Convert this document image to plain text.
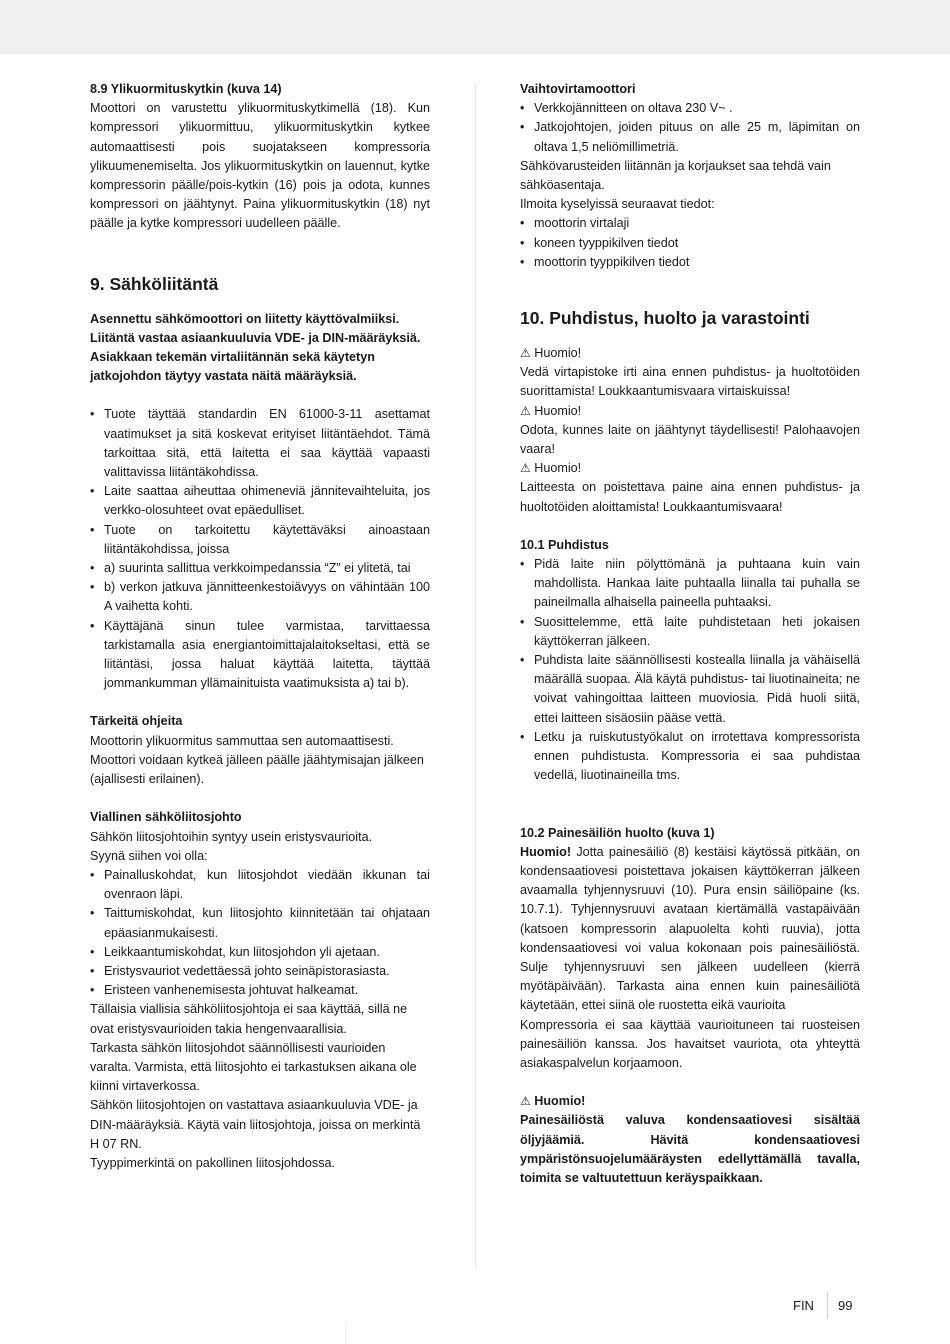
8.9 Ylikuormituskytkin (kuva 14)

Moottori on varustettu ylikuormituskytkimellä (18). Kun kompressori ylikuormittuu, ylikuormituskytkin kytkee automaattisesti pois suojatakseen kompressoria ylikuumenemiselta. Jos ylikuormituskytkin on lauennut, kytke kompressorin päälle/pois-kytkin (16) pois ja odota, kunnes kompressori on jäähtynyt. Paina ylikuormituskytkin (18) nyt päälle ja kytke kompressori uudelleen päälle.

9. Sähköliitäntä

Asennettu sähkömoottori on liitetty käyttövalmiiksi. Liitäntä vastaa asiaankuuluvia VDE- ja DIN-määräyksiä. Asiakkaan tekemän virtaliitännän sekä käytetyn jatkojohdon täytyy vastata näitä määräyksiä.

• Tuote täyttää standardin EN 61000-3-11 asettamat vaatimukset ja sitä koskevat erityiset liitäntäehdot. Tämä tarkoittaa sitä, että laitetta ei saa käyttää vapaasti valittavissa liitäntäkohdissa.
• Laite saattaa aiheuttaa ohimeneviä jännitevaihteluita, jos verkko-olosuhteet ovat epäedulliset.
• Tuote on tarkoitettu käytettäväksi ainoastaan liitäntäkohdissa, joissa
• a) suurinta sallittua verkkoimpedanssia “Z” ei ylitetä, tai
• b) verkon jatkuva jännitteenkestoiävyys on vähintään 100 A vaihetta kohti.
• Käyttäjänä sinun tulee varmistaa, tarvittaessa tarkistamalla asia energiantoimittajalaitokseltasi, että se liitäntäsi, jossa haluat käyttää laitetta, täyttää jommankumman yllämainituista vaatimuksista a) tai b).

Tärkeitä ohjeita

Moottorin ylikuormitus sammuttaa sen automaattisesti. Moottori voidaan kytkeä jälleen päälle jäähtymisajan jälkeen (ajallisesti erilainen).

Viallinen sähköliitosjohto

Sähkön liitosjohtoihin syntyy usein eristysvaurioita.

Syynä siihen voi olla:

• Painalluskohdat, kun liitosjohdot viedään ikkunan tai ovenraon läpi.
• Taittumiskohdat, kun liitosjohto kiinnitetään tai ohjataan epäasianmukaisesti.
• Leikkaantumiskohdat, kun liitosjohdon yli ajetaan.
• Eristysvauriot vedettäessä johto seinäpistorasiasta.
• Eristeen vanhenemisesta johtuvat halkeamat.

Tällaisia viallisia sähköliitosjohtoja ei saa käyttää, sillä ne ovat eristysvaurioiden takia hengenvaarallisia.

Tarkasta sähkön liitosjohdot säännöllisesti vaurioiden varalta. Varmista, että liitosjohto ei tarkastuksen aikana ole kiinni virtaverkossa.

Sähkön liitosjohtojen on vastattava asiaankuuluvia VDE- ja DIN-määräyksiä. Käytä vain liitosjohtoja, joissa on merkintä H 07 RN.

Tyyppimerkintä on pakollinen liitosjohdossa.

Vaihtovirtamoottori

• Verkkojännitteen on oltava 230 V~ .
• Jatkojohtojen, joiden pituus on alle 25 m, läpimitan on oltava 1,5 neliömillimetriä.

Sähkövarusteiden liitännän ja korjaukset saa tehdä vain sähköasentaja.

Ilmoita kyselyissä seuraavat tiedot:

• moottorin virtalaji
• koneen tyyppikilven tiedot
• moottorin tyyppikilven tiedot
10. Puhdistus, huolto ja varastointi

⚠ Huomio!

Vedä virtapistoke irti aina ennen puhdistus- ja huoltotöiden suorittamista! Loukkaantumisvaara virtaiskuissa!

⚠ Huomio!

Odota, kunnes laite on jäähtynyt täydellisesti! Palohaavojen vaara!

⚠ Huomio!

Laitteesta on poistettava paine aina ennen puhdistus- ja huoltotöiden aloittamista! Loukkaantumisvaara!

10.1 Puhdistus

• Pidä laite niin pölyttömänä ja puhtaana kuin vain mahdollista. Hankaa laite puhtaalla liinalla tai puhalla se paineilmalla alhaisella paineella puhtaaksi.
• Suosittelemme, että laite puhdistetaan heti jokaisen käyttökerran jälkeen.
• Puhdista laite säännöllisesti kostealla liinalla ja vähäisellä määrällä suopaa. Älä käytä puhdistus- tai liuotinaineita; ne voivat vahingoittaa laitteen muoviosia. Pidä huoli siitä, ettei laitteen sisäosiin pääse vettä.
• Letku ja ruiskutustyökalut on irrotettava kompressorista ennen puhdistusta. Kompressoria ei saa puhdistaa vedellä, liuotinaineilla tms.

10.2 Painesäiliön huolto (kuva 1)

Huomio! Jotta painesäiliö (8) kestäisi käytössä pitkään, on kondensaatiovesi poistettava jokaisen käyttökerran jälkeen avaamalla tyhjennysruuvi (10). Pura ensin säiliöpaine (ks. 10.7.1). Tyhjennysruuvi avataan kiertämällä vastapäivään (katsoen kompressorin alapuolelta kohti ruuvia), jotta kondensaatiovesi voi valua kokonaan pois painesäiliöstä. Sulje tyhjennysruuvi sen jälkeen uudelleen (kierrä myötäpäivään). Tarkasta aina ennen kuin painesäiliötä käytetään, ettei siinä ole ruostetta eikä vaurioita

Kompressoria ei saa käyttää vaurioituneen tai ruosteisen painesäiliön kanssa. Jos havaitset vauriota, ota yhteyttä asiakaspalvelun korjaamoon.

⚠ Huomio!

Painesäiliöstä valuva kondensaatiovesi sisältää öljyjäämiä. Hävitä kondensaatiovesi ympäristönsuojelumääräysten edellyttämällä tavalla, toimita se valtuutettuun keräyspaikkaan.

FIN 99
